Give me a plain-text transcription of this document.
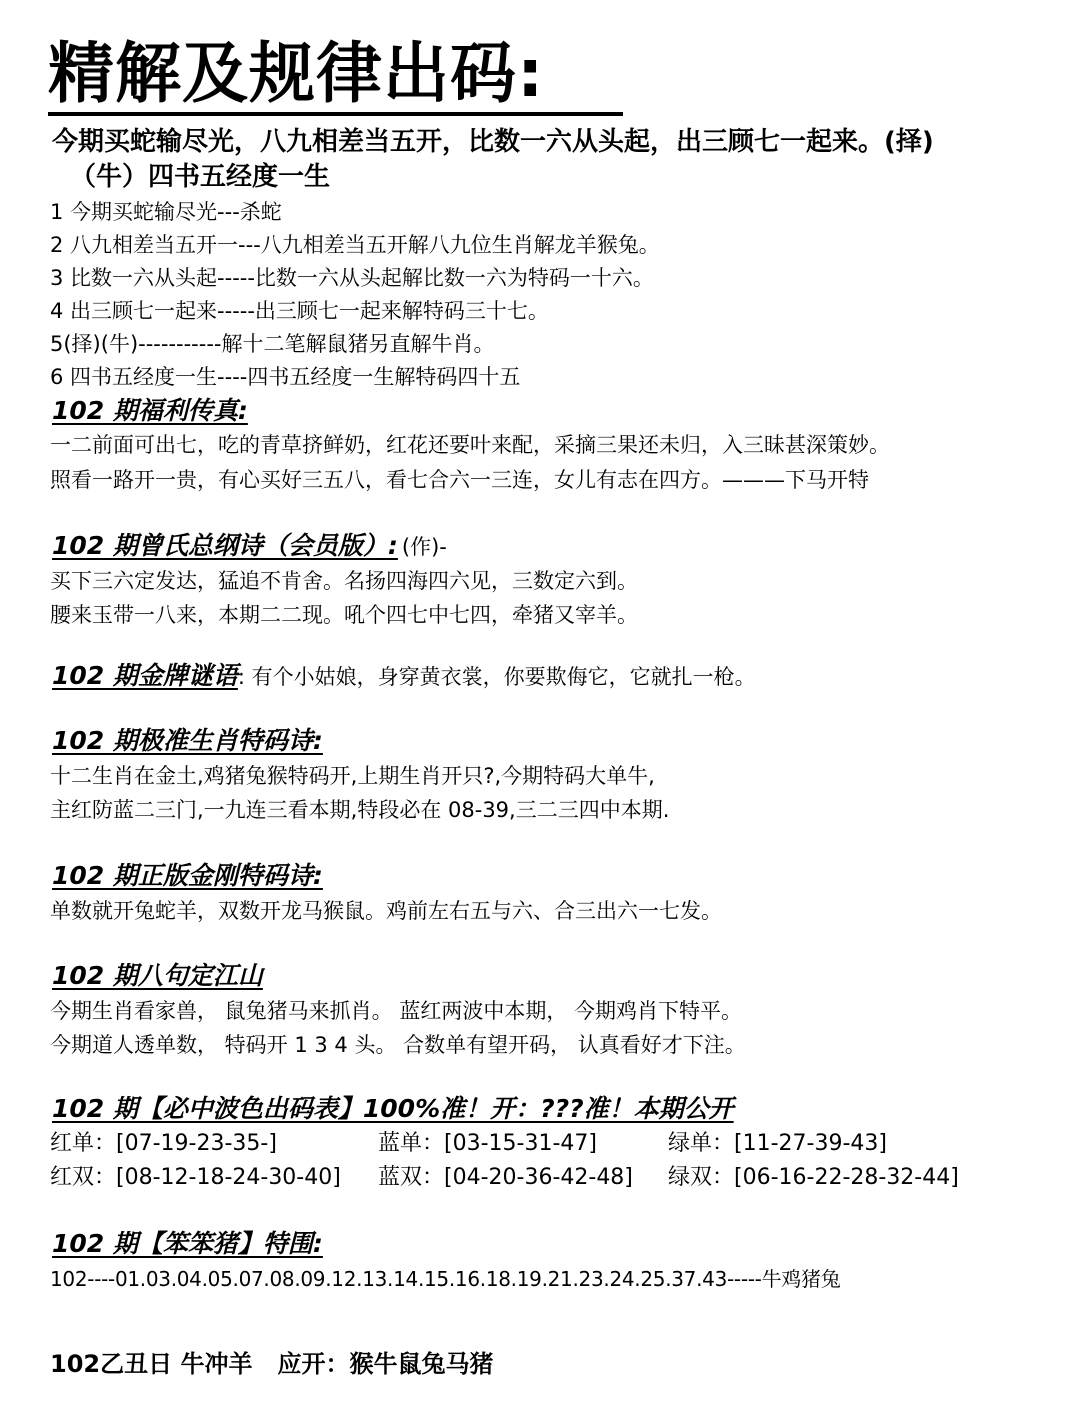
精解及规律出码:
今期买蛇输尽光，八九相差当五开，比数一六从头起，出三顾七一起来。(择)
（牛）四书五经度一生
1 今期买蛇输尽光---杀蛇
2 八九相差当五开一---八九相差当五开解八九位生肖解龙羊猴兔。
3 比数一六从头起-----比数一六从头起解比数一六为特码一十六。
4 出三顾七一起来-----出三顾七一起来解特码三十七。
5(择)(牛)-----------解十二笔解鼠猪另直解牛肖。
6 四书五经度一生----四书五经度一生解特码四十五
102 期福利传真:
一二前面可出七，吃的青草挤鲜奶，红花还要叶来配，采摘三果还未归，入三昧甚深策妙。
照看一路开一贵，有心买好三五八，看七合六一三连，女儿有志在四方。———下马开特
102 期曾氏总纲诗（会员版）: (作)-
买下三六定发达，猛追不肯舍。名扬四海四六见，三数定六到。
腰来玉带一八来，本期二二现。吼个四七中七四，牵猪又宰羊。
102 期金牌谜语: 有个小姑娘，身穿黄衣裳，你要欺侮它，它就扎一枪。
102 期极准生肖特码诗:
十二生肖在金土,鸡猪兔猴特码开,上期生肖开只?,今期特码大单牛,
主红防蓝二三门,一九连三看本期,特段必在 08-39,三二三四中本期.
102 期正版金刚特码诗:
单数就开兔蛇羊，双数开龙马猴鼠。鸡前左右五与六、合三出六一七发。
102 期八句定江山
今期生肖看家兽， 鼠兔猪马来抓肖。 蓝红两波中本期， 今期鸡肖下特平。
今期道人透单数， 特码开 1 3 4 头。 合数单有望开码， 认真看好才下注。
102 期【必中波色出码表】100%准！开：???准！本期公开
红单：[07-19-23-35-]	蓝单：[03-15-31-47]	绿单：[11-27-39-43]
红双：[08-12-18-24-30-40]	蓝双：[04-20-36-42-48]	绿双：[06-16-22-28-32-44]
102 期【笨笨猪】特围:
102----01.03.04.05.07.08.09.12.13.14.15.16.18.19.21.23.24.25.37.43-----牛鸡猪兔
102乙丑日 牛冲羊   应开：猴牛鼠兔马猪
